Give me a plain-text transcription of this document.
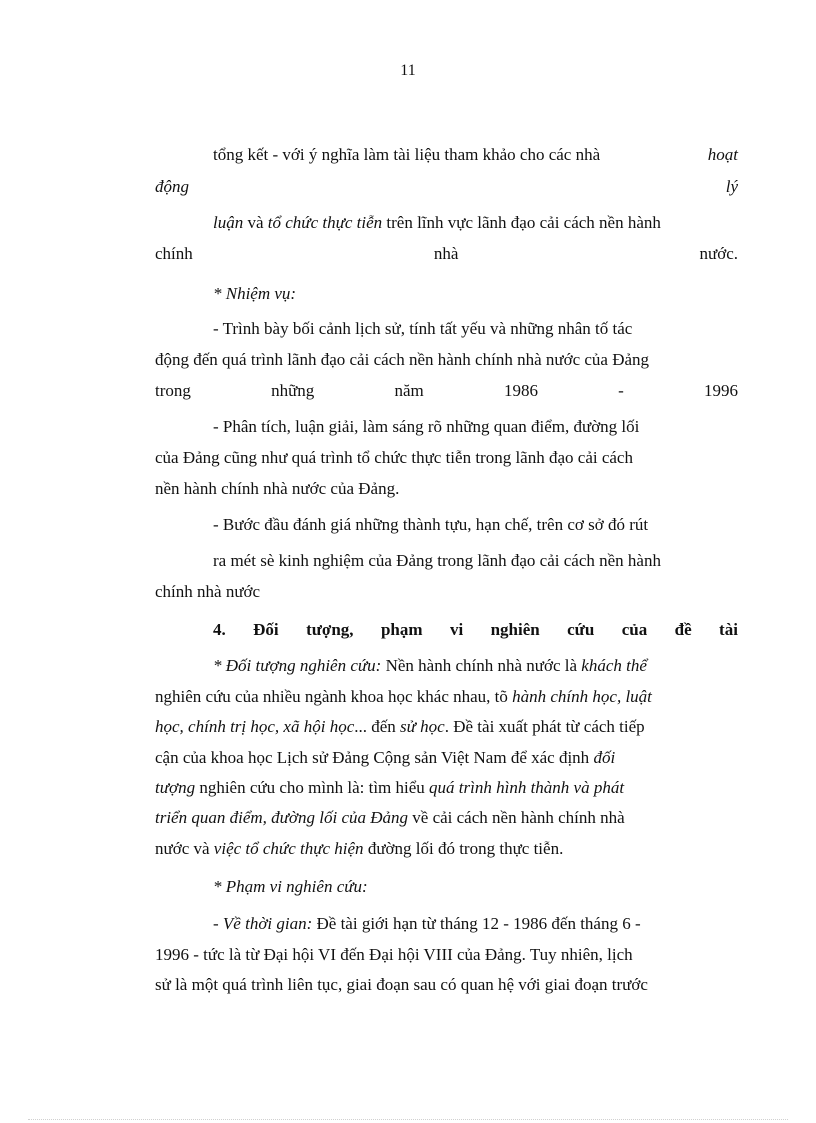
11
tổng kết - với ý nghĩa làm tài liệu tham khảo cho các nhà	hoạt
động	lý
luận và tổ chức thực tiễn trên lĩnh vực lãnh đạo cải cách nền hành
chính	nhà	nước.
* Nhiệm vụ:
- Trình bày bối cảnh lịch sử, tính tất yếu và những nhân tố tác
động đến quá trình lãnh đạo cải cách nền hành chính nhà nước của Đảng
trong	những	năm	1986	-	1996
- Phân tích, luận giải, làm sáng rõ những quan điểm, đường lối
của Đảng cũng như quá trình tổ chức thực tiễn trong lãnh đạo cải cách
nền hành chính nhà nước của Đảng.
- Bước đầu đánh giá những thành tựu, hạn chế, trên cơ sở đó rút
ra mét sè kinh nghiệm của Đảng trong lãnh đạo cải cách nền hành
chính nhà nước
4. Đối tượng, phạm vi nghiên cứu của đề tài
* Đối tượng nghiên cứu: Nền hành chính nhà nước là khách thể
nghiên cứu của nhiều ngành khoa học khác nhau, tõ hành chính học, luật
học, chính trị học, xã hội học... đến sử học. Đề tài xuất phát từ cách tiếp
cận của khoa học Lịch sử Đảng Cộng sản Việt Nam để xác định đối
tượng nghiên cứu cho mình là: tìm hiểu quá trình hình thành và phát
triển quan điểm, đường lối của Đảng về cải cách nền hành chính nhà
nước và việc tổ chức thực hiện đường lối đó trong thực tiễn.
* Phạm vi nghiên cứu:
- Về thời gian: Đề tài giới hạn từ tháng 12 - 1986 đến tháng 6 -
1996 - tức là từ Đại hội VI đến Đại hội VIII của Đảng. Tuy nhiên, lịch
sử là một quá trình liên tục, giai đoạn sau có quan hệ với giai đoạn trước
